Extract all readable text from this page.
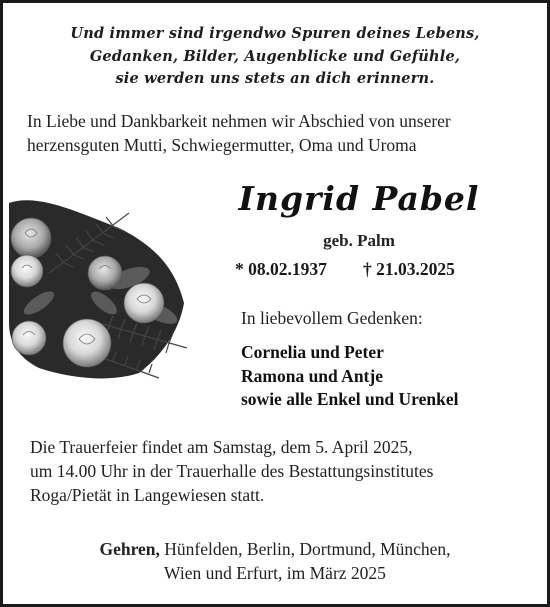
Und immer sind irgendwo Spuren deines Lebens,
Gedanken, Bilder, Augenblicke und Gefühle,
sie werden uns stets an dich erinnern.
In Liebe und Dankbarkeit nehmen wir Abschied von unserer
herzensguten Mutti, Schwiegermutter, Oma und Uroma
Ingrid Pabel
geb. Palm
* 08.02.1937 † 21.03.2025
In liebevollem Gedenken:
Cornelia und Peter
Ramona und Antje
sowie alle Enkel und Urenkel
Die Trauerfeier findet am Samstag, dem 5. April 2025,
um 14.00 Uhr in der Trauerhalle des Bestattungsinstitutes
Roga/Pietät in Langewiesen statt.
Gehren, Hünfelden, Berlin, Dortmund, München,
Wien und Erfurt, im März 2025
